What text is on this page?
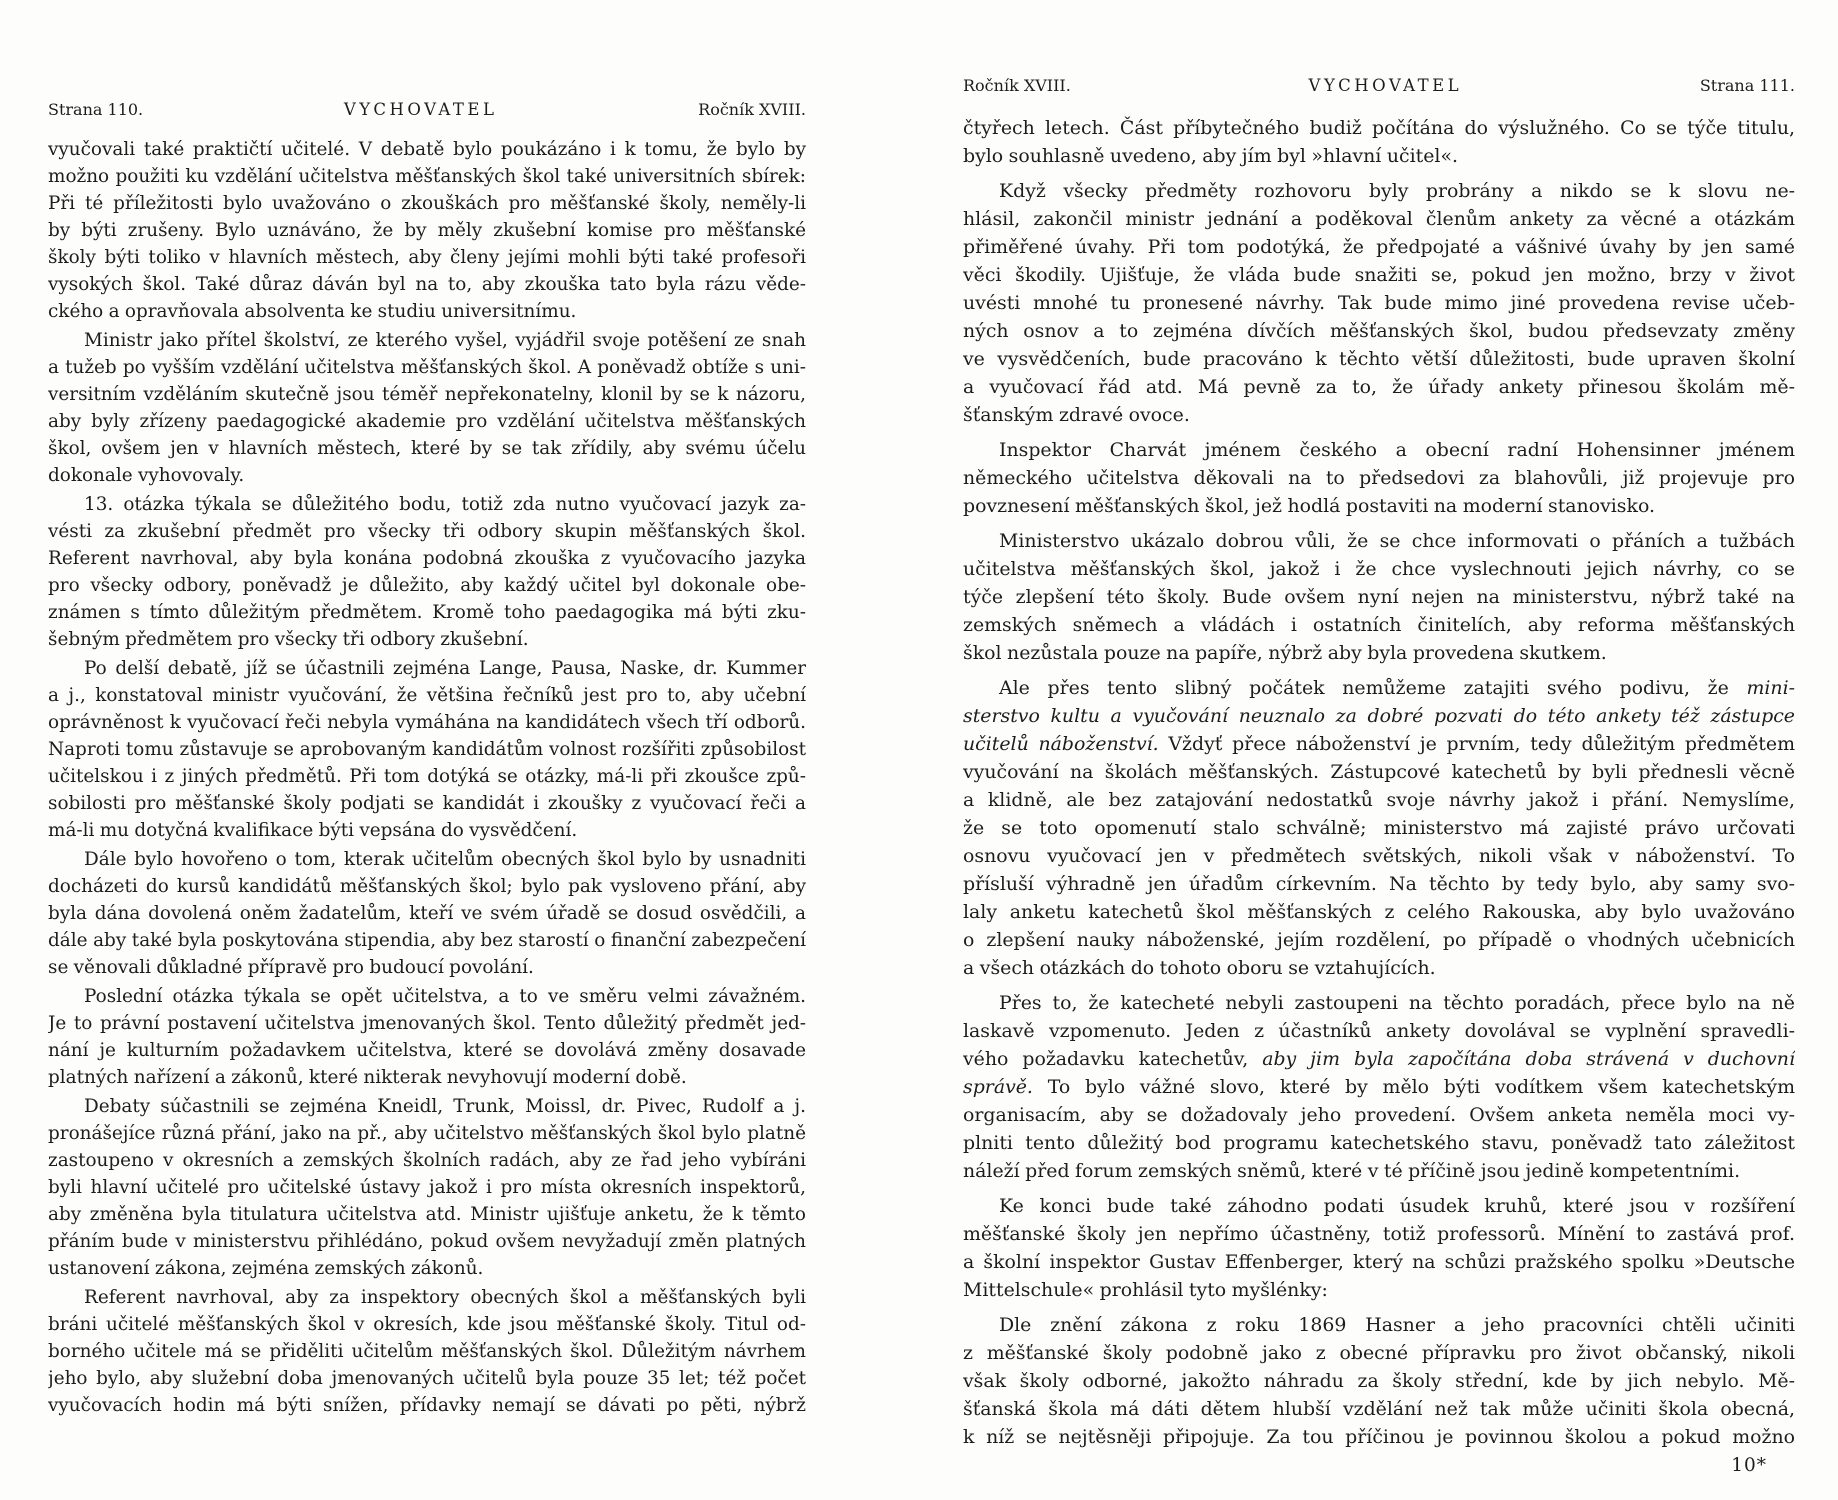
Strana 110.	VYCHOVATEL	Ročník XVIII.
vyučovali také praktičtí učitelé. V debatě bylo poukázáno i k tomu, že bylo by
možno použiti ku vzdělání učitelstva měšťanských škol také universitních sbírek:
Při té příležitosti bylo uvažováno o zkouškách pro měšťanské školy, neměly-li
by býti zrušeny. Bylo uznáváno, že by měly zkušební komise pro měšťanské
školy býti toliko v hlavních městech, aby členy jejími mohli býti také profesoři
vysokých škol. Také důraz dáván byl na to, aby zkouška tato byla rázu věde-
ckého a opravňovala absolventa ke studiu universitnímu.
Ministr jako přítel školství, ze kterého vyšel, vyjádřil svoje potěšení ze snah
a tužeb po vyšším vzdělání učitelstva měšťanských škol. A poněvadž obtíže s uni-
versitním vzděláním skutečně jsou téměř nepřekonatelny, klonil by se k názoru,
aby byly zřízeny paedagogické akademie pro vzdělání učitelstva měšťanských
škol, ovšem jen v hlavních městech, které by se tak zřídily, aby svému účelu
dokonale vyhovovaly.
13. otázka týkala se důležitého bodu, totiž zda nutno vyučovací jazyk za-
vésti za zkušební předmět pro všecky tři odbory skupin měšťanských škol.
Referent navrhoval, aby byla konána podobná zkouška z vyučovacího jazyka
pro všecky odbory, poněvadž je důležito, aby každý učitel byl dokonale obe-
známen s tímto důležitým předmětem. Kromě toho paedagogika má býti zku-
šebným předmětem pro všecky tři odbory zkušební.
Po delší debatě, jíž se účastnili zejména Lange, Pausa, Naske, dr. Kummer
a j., konstatoval ministr vyučování, že většina řečníků jest pro to, aby učební
oprávněnost k vyučovací řeči nebyla vymáhána na kandidátech všech tří odborů.
Naproti tomu zůstavuje se aprobovaným kandidátům volnost rozšířiti způsobilost
učitelskou i z jiných předmětů. Při tom dotýká se otázky, má-li při zkoušce způ-
sobilosti pro měšťanské školy podjati se kandidát i zkoušky z vyučovací řeči a
má-li mu dotyčná kvalifikace býti vepsána do vysvědčení.
Dále bylo hovořeno o tom, kterak učitelům obecných škol bylo by usnadniti
docházeti do kursů kandidátů měšťanských škol; bylo pak vysloveno přání, aby
byla dána dovolená oněm žadatelům, kteří ve svém úřadě se dosud osvědčili, a
dále aby také byla poskytována stipendia, aby bez starostí o finanční zabezpečení
se věnovali důkladné přípravě pro budoucí povolání.
Poslední otázka týkala se opět učitelstva, a to ve směru velmi závažném.
Je to právní postavení učitelstva jmenovaných škol. Tento důležitý předmět jed-
nání je kulturním požadavkem učitelstva, které se dovolává změny dosavade
platných nařízení a zákonů, které nikterak nevyhovují moderní době.
Debaty súčastnili se zejména Kneidl, Trunk, Moissl, dr. Pivec, Rudolf a j.
pronášejíce různá přání, jako na př., aby učitelstvo měšťanských škol bylo platně
zastoupeno v okresních a zemských školních radách, aby ze řad jeho vybíráni
byli hlavní učitelé pro učitelské ústavy jakož i pro místa okresních inspektorů,
aby změněna byla titulatura učitelstva atd. Ministr ujišťuje anketu, že k těmto
přáním bude v ministerstvu přihlédáno, pokud ovšem nevyžadují změn platných
ustanovení zákona, zejména zemských zákonů.
Referent navrhoval, aby za inspektory obecných škol a měšťanských byli
bráni učitelé měšťanských škol v okresích, kde jsou měšťanské školy. Titul od-
borného učitele má se přiděliti učitelům měšťanských škol. Důležitým návrhem
jeho bylo, aby služební doba jmenovaných učitelů byla pouze 35 let; též počet
vyučovacích hodin má býti snížen, přídavky nemají se dávati po pěti, nýbrž
Ročník XVIII.	VYCHOVATEL	Strana 111.
čtyřech letech. Část příbytečného budiž počítána do výslužného. Co se týče titulu,
bylo souhlasně uvedeno, aby jím byl »hlavní učitel«.
Když všecky předměty rozhovoru byly probrány a nikdo se k slovu ne-
hlásil, zakončil ministr jednání a poděkoval členům ankety za věcné a otázkám
přiměřené úvahy. Při tom podotýká, že předpojaté a vášnivé úvahy by jen samé
věci škodily. Ujišťuje, že vláda bude snažiti se, pokud jen možno, brzy v život
uvésti mnohé tu pronesené návrhy. Tak bude mimo jiné provedena revise učeb-
ných osnov a to zejména dívčích měšťanských škol, budou předsevzaty změny
ve vysvědčeních, bude pracováno k těchto větší důležitosti, bude upraven školní
a vyučovací řád atd. Má pevně za to, že úřady ankety přinesou školám mě-
šťanským zdravé ovoce.
Inspektor Charvát jménem českého a obecní radní Hohensinner jménem
německého učitelstva děkovali na to předsedovi za blahovůli, již projevuje pro
povznesení měšťanských škol, jež hodlá postaviti na moderní stanovisko.
Ministerstvo ukázalo dobrou vůli, že se chce informovati o přáních a tužbách
učitelstva měšťanských škol, jakož i že chce vyslechnouti jejich návrhy, co se
týče zlepšení této školy. Bude ovšem nyní nejen na ministerstvu, nýbrž také na
zemských sněmech a vládách i ostatních činitelích, aby reforma měšťanských
škol nezůstala pouze na papíře, nýbrž aby byla provedena skutkem.
Ale přes tento slibný počátek nemůžeme zatajiti svého podivu, že mini-
sterstvo kultu a vyučování neuznalo za dobré pozvati do této ankety též zástupce
učitelů náboženství. Vždyť přece náboženství je prvním, tedy důležitým předmětem
vyučování na školách měšťanských. Zástupcové katechetů by byli přednesli věcně
a klidně, ale bez zatajování nedostatků svoje návrhy jakož i přání. Nemyslíme,
že se toto opomenutí stalo schválně; ministerstvo má zajisté právo určovati
osnovu vyučovací jen v předmětech světských, nikoli však v náboženství. To
přísluší výhradně jen úřadům církevním. Na těchto by tedy bylo, aby samy svo-
laly anketu katechetů škol měšťanských z celého Rakouska, aby bylo uvažováno
o zlepšení nauky náboženské, jejím rozdělení, po případě o vhodných učebnicích
a všech otázkách do tohoto oboru se vztahujících.
Přes to, že katecheté nebyli zastoupeni na těchto poradách, přece bylo na ně
laskavě vzpomenuto. Jeden z účastníků ankety dovolával se vyplnění spravedli-
vého požadavku katechetův, aby jim byla započítána doba strávená v duchovní
správě. To bylo vážné slovo, které by mělo býti vodítkem všem katechetským
organisacím, aby se dožadovaly jeho provedení. Ovšem anketa neměla moci vy-
plniti tento důležitý bod programu katechetského stavu, poněvadž tato záležitost
náleží před forum zemských sněmů, které v té příčině jsou jedině kompetentními.
Ke konci bude také záhodno podati úsudek kruhů, které jsou v rozšíření
měšťanské školy jen nepřímo účastněny, totiž professorů. Mínění to zastává prof.
a školní inspektor Gustav Effenberger, který na schůzi pražského spolku »Deutsche
Mittelschule« prohlásil tyto myšlénky:
Dle znění zákona z roku 1869 Hasner a jeho pracovníci chtěli učiniti
z měšťanské školy podobně jako z obecné přípravku pro život občanský, nikoli
však školy odborné, jakožto náhradu za školy střední, kde by jich nebylo. Mě-
šťanská škola má dáti dětem hlubší vzdělání než tak může učiniti škola obecná,
k níž se nejtěsněji připojuje. Za tou příčinou je povinnou školou a pokud možno
10*
